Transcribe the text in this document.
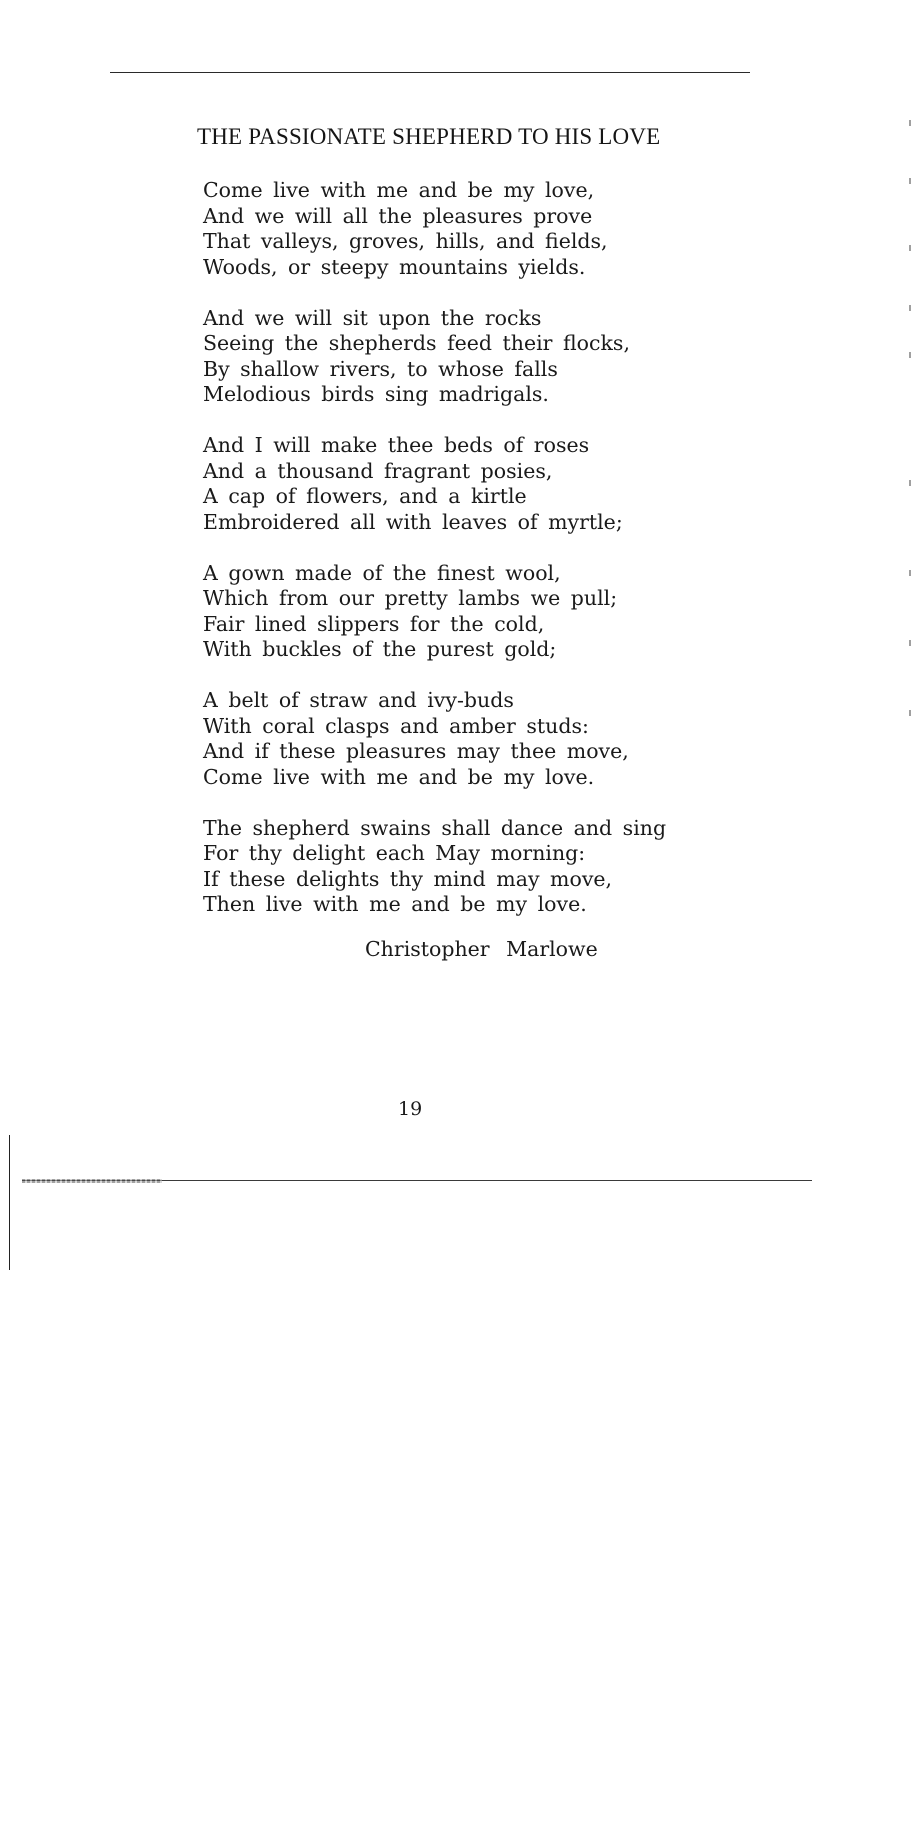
THE PASSIONATE SHEPHERD TO HIS LOVE
Come live with me and be my love,
And we will all the pleasures prove
That valleys, groves, hills, and fields,
Woods, or steepy mountains yields.
And we will sit upon the rocks
Seeing the shepherds feed their flocks,
By shallow rivers, to whose falls
Melodious birds sing madrigals.
And I will make thee beds of roses
And a thousand fragrant posies,
A cap of flowers, and a kirtle
Embroidered all with leaves of myrtle;
A gown made of the finest wool,
Which from our pretty lambs we pull;
Fair lined slippers for the cold,
With buckles of the purest gold;
A belt of straw and ivy-buds
With coral clasps and amber studs:
And if these pleasures may thee move,
Come live with me and be my love.
The shepherd swains shall dance and sing
For thy delight each May morning:
If these delights thy mind may move,
Then live with me and be my love.
Christopher Marlowe
19
